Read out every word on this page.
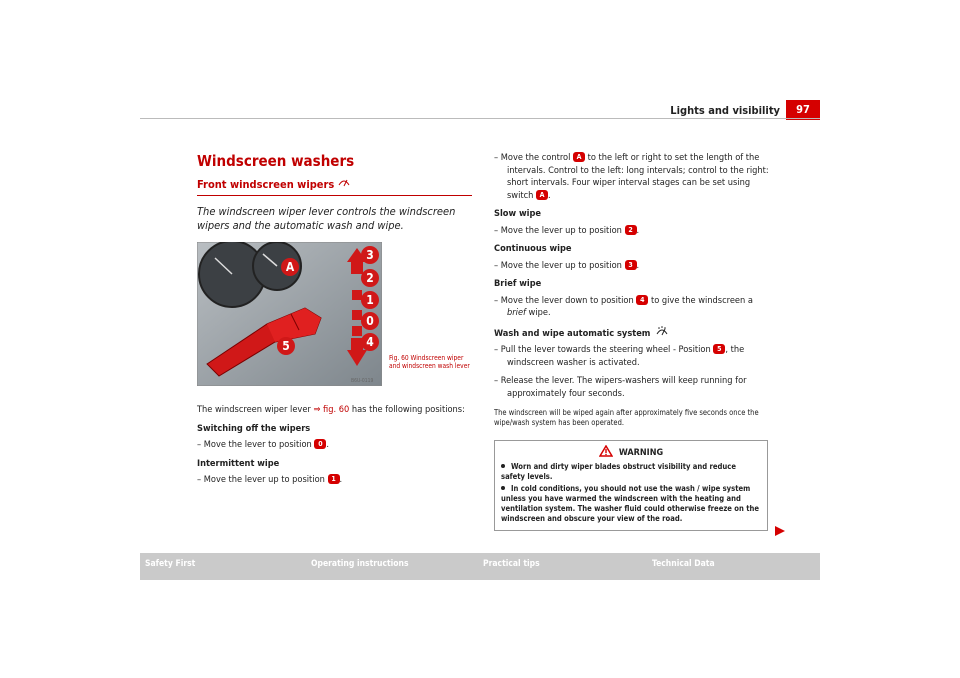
Lights and visibility	97
Windscreen washers
Front windscreen wipers
The windscreen wiper lever controls the windscreen wipers and the automatic wash and wipe.
A
5
3
2
1
0
4
B6U-0119
Fig. 60 Windscreen wiper and windscreen wash lever

The windscreen wiper lever ⇒ fig. 60 has the following positions:

Switching off the wipers

– Move the lever to position 0 .

Intermittent wipe

– Move the lever up to position 1 .

– Move the control A to the left or right to set the length of the intervals. Control to the left: long intervals; control to the right: short intervals. Four wiper interval stages can be set using switch A .

Slow wipe

– Move the lever up to position 2 .

Continuous wipe

– Move the lever up to position 3 .

Brief wipe

– Move the lever down to position 4 to give the windscreen a brief wipe.

Wash and wipe automatic system

– Pull the lever towards the steering wheel - Position 5 , the windscreen washer is activated.

– Release the lever. The wipers-washers will keep running for approximately four seconds.

The windscreen will be wiped again after approximately five seconds once the wipe/wash system has been operated.
WARNING
Worn and dirty wiper blades obstruct visibility and reduce safety levels.
In cold conditions, you should not use the wash / wipe system unless you have warmed the windscreen with the heating and ventilation system. The washer fluid could otherwise freeze on the windscreen and obscure your view of the road.
Safety First	Operating instructions	Practical tips	Technical Data
